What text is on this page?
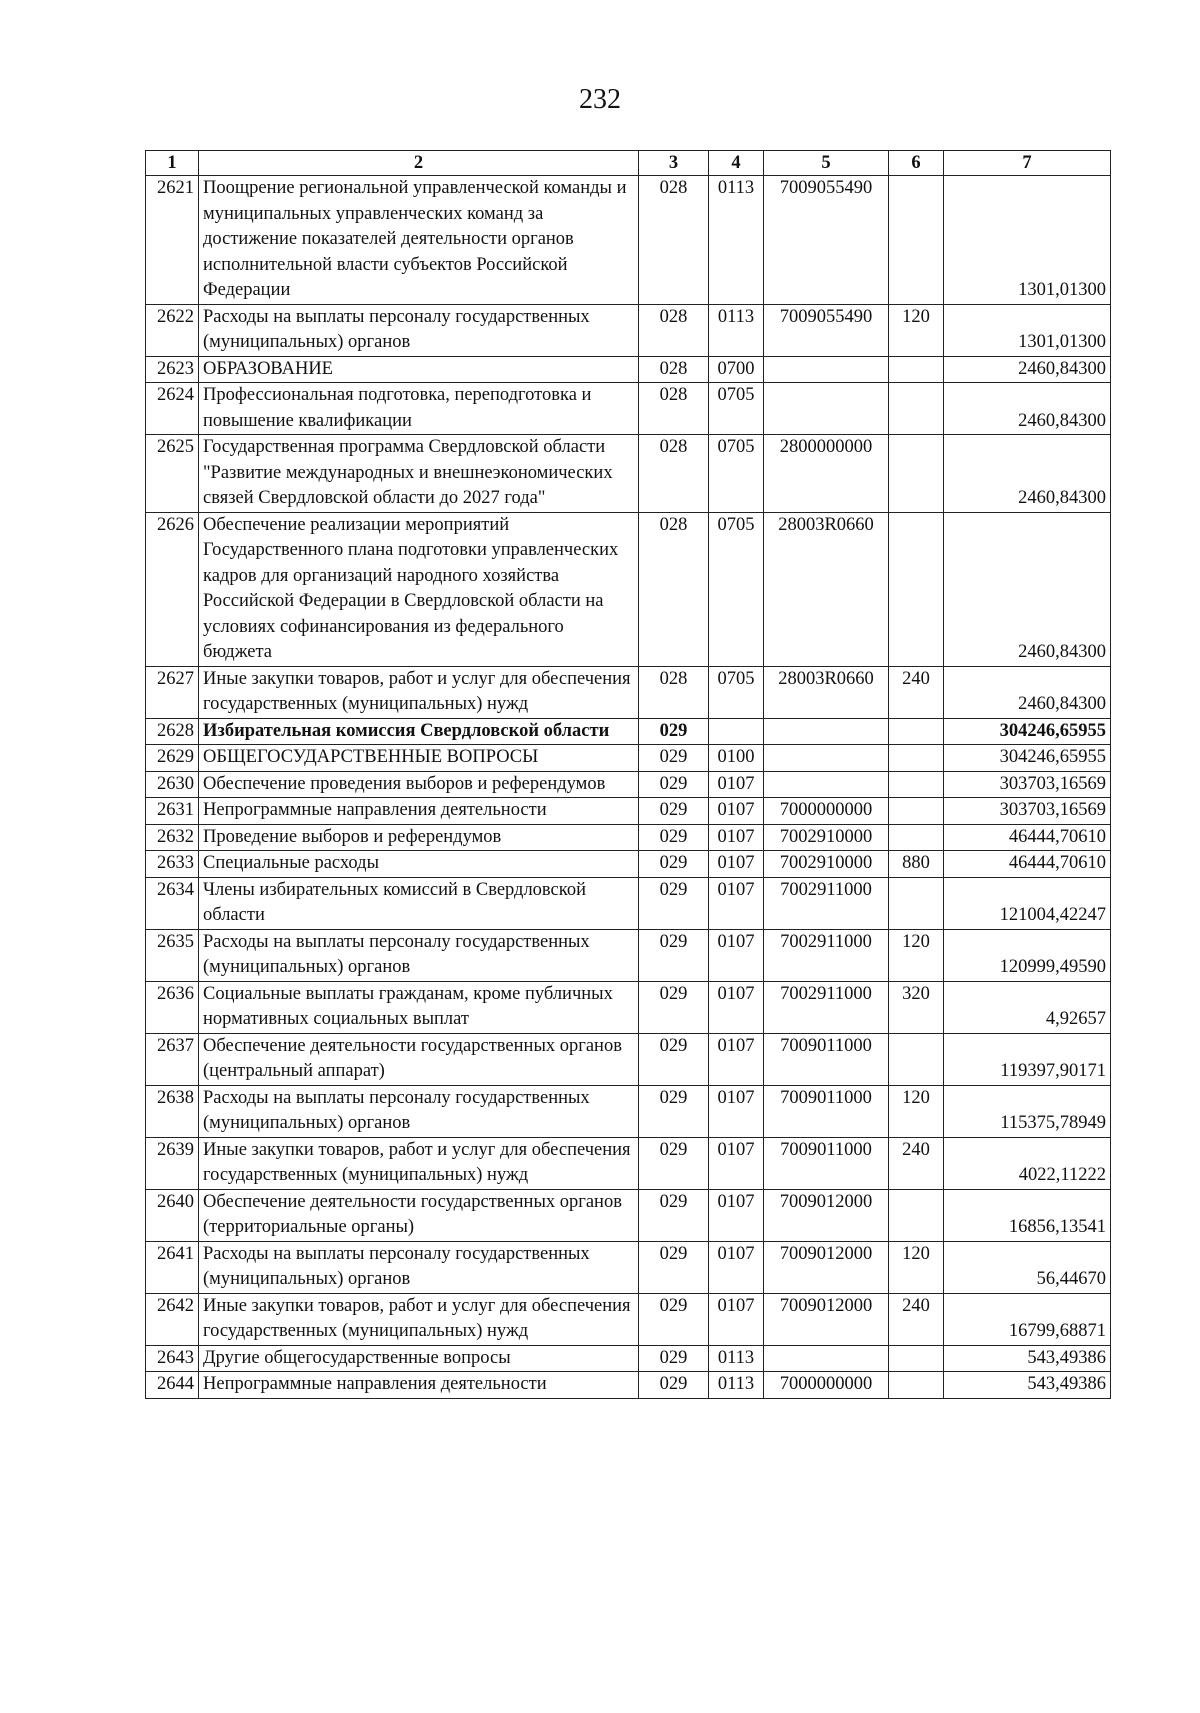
232
1	2	3	4	5	6	7
2621	Поощрение региональной управленческой команды и муниципальных управленческих команд за достижение показателей деятельности органов исполнительной власти субъектов Российской Федерации	028	0113	7009055490		1301,01300
2622	Расходы на выплаты персоналу государственных (муниципальных) органов	028	0113	7009055490	120	1301,01300
2623	ОБРАЗОВАНИЕ	028	0700			2460,84300
2624	Профессиональная подготовка, переподготовка и повышение квалификации	028	0705			2460,84300
2625	Государственная программа Свердловской области "Развитие международных и внешнеэкономических связей Свердловской области до 2027 года"	028	0705	2800000000		2460,84300
2626	Обеспечение реализации мероприятий Государственного плана подготовки управленческих кадров для организаций народного хозяйства Российской Федерации в Свердловской области на условиях софинансирования из федерального бюджета	028	0705	28003R0660		2460,84300
2627	Иные закупки товаров, работ и услуг для обеспечения государственных (муниципальных) нужд	028	0705	28003R0660	240	2460,84300
2628	Избирательная комиссия Свердловской области	029				304246,65955
2629	ОБЩЕГОСУДАРСТВЕННЫЕ ВОПРОСЫ	029	0100			304246,65955
2630	Обеспечение проведения выборов и референдумов	029	0107			303703,16569
2631	Непрограммные направления деятельности	029	0107	7000000000		303703,16569
2632	Проведение выборов и референдумов	029	0107	7002910000		46444,70610
2633	Специальные расходы	029	0107	7002910000	880	46444,70610
2634	Члены избирательных комиссий в Свердловской области	029	0107	7002911000		121004,42247
2635	Расходы на выплаты персоналу государственных (муниципальных) органов	029	0107	7002911000	120	120999,49590
2636	Социальные выплаты гражданам, кроме публичных нормативных социальных выплат	029	0107	7002911000	320	4,92657
2637	Обеспечение деятельности государственных органов (центральный аппарат)	029	0107	7009011000		119397,90171
2638	Расходы на выплаты персоналу государственных (муниципальных) органов	029	0107	7009011000	120	115375,78949
2639	Иные закупки товаров, работ и услуг для обеспечения государственных (муниципальных) нужд	029	0107	7009011000	240	4022,11222
2640	Обеспечение деятельности государственных органов (территориальные органы)	029	0107	7009012000		16856,13541
2641	Расходы на выплаты персоналу государственных (муниципальных) органов	029	0107	7009012000	120	56,44670
2642	Иные закупки товаров, работ и услуг для обеспечения государственных (муниципальных) нужд	029	0107	7009012000	240	16799,68871
2643	Другие общегосударственные вопросы	029	0113			543,49386
2644	Непрограммные направления деятельности	029	0113	7000000000		543,49386
